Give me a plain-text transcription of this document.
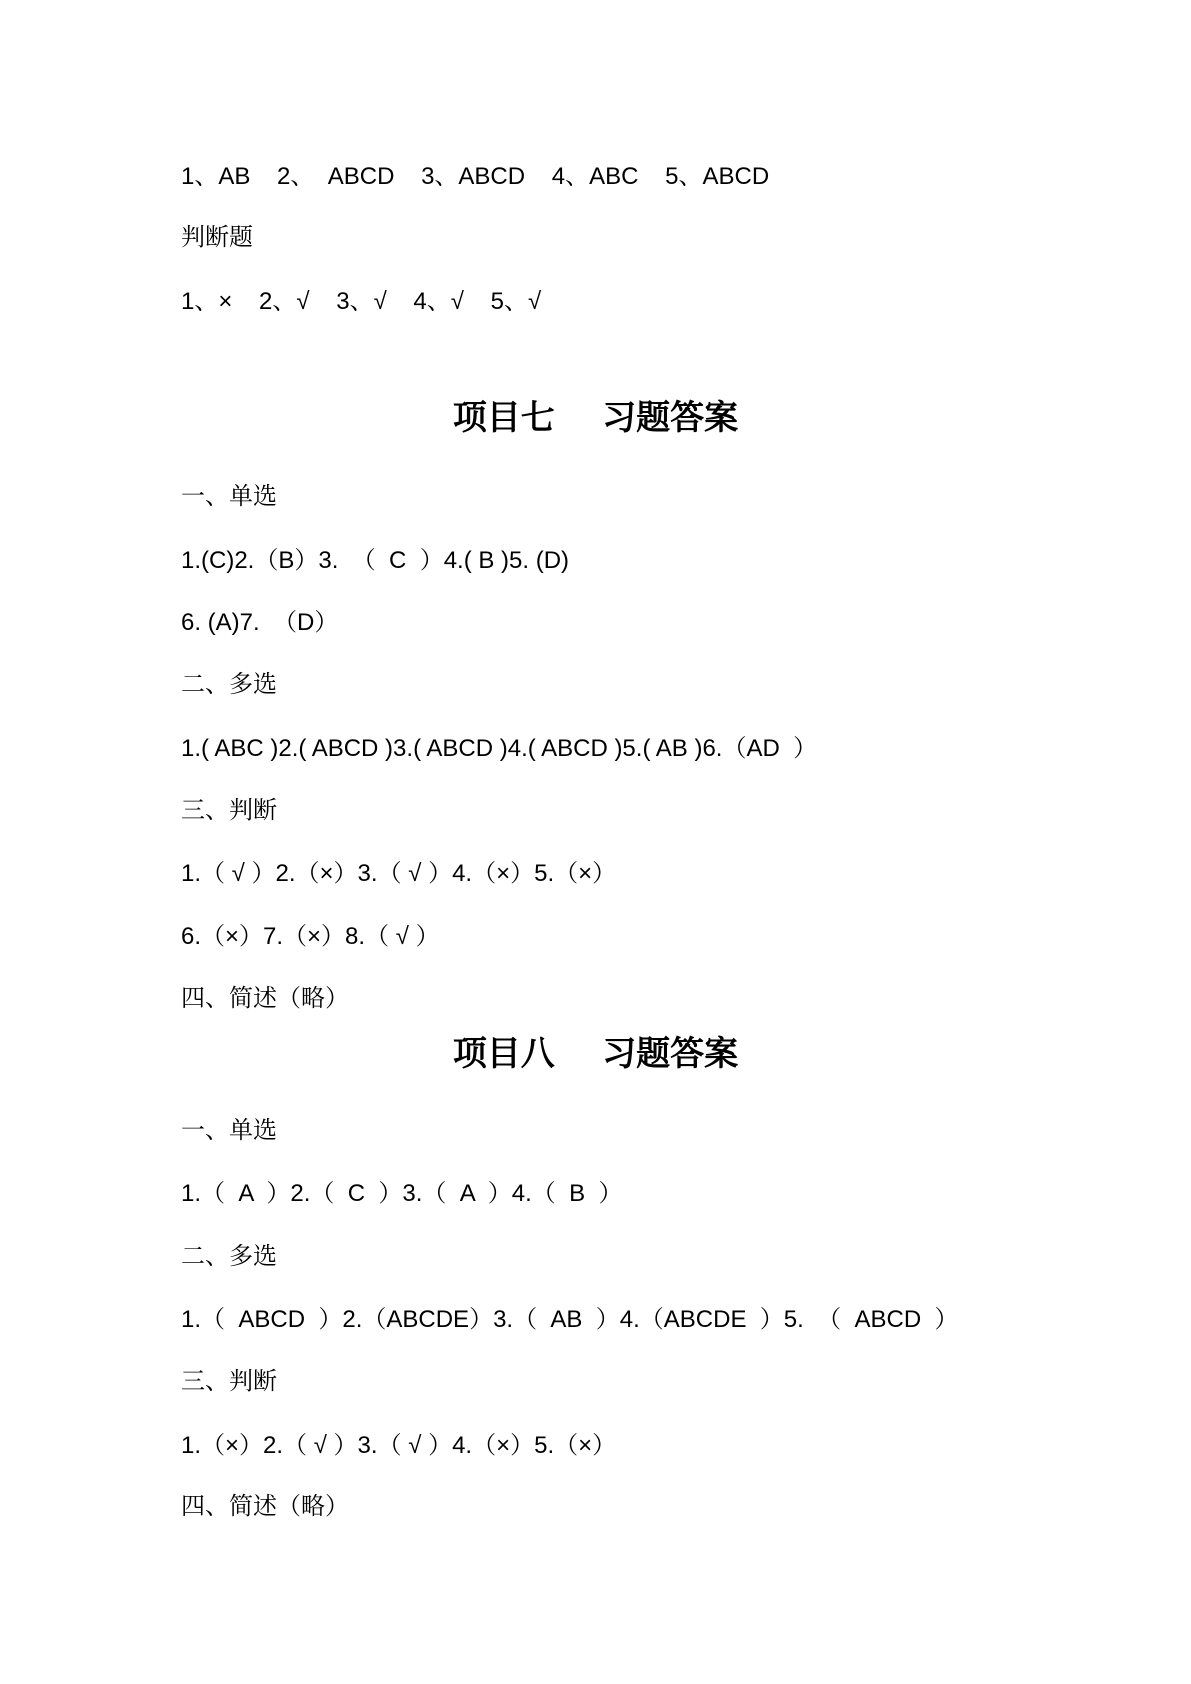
1、AB    2、  ABCD    3、ABCD    4、ABC    5、ABCD
判断题
1、×    2、√    3、√    4、√    5、√
项目七    习题答案
一、单选
1.(C)2.（B）3.  （  C  ）4.( B )5. (D)
6. (A)7.  （D）
二、多选
1.( ABC )2.( ABCD )3.( ABCD )4.( ABCD )5.( AB )6.（AD  ）
三、判断
1.（ √ ）2.（×）3.（ √ ）4.（×）5.（×）
6.（×）7.（×）8.（ √ ）
四、简述（略）
项目八    习题答案
一、单选
1.（  A  ）2.（  C  ）3.（  A  ）4.（  B  ）
二、多选
1.（  ABCD  ）2.（ABCDE）3.（  AB  ）4.（ABCDE  ）5.  （  ABCD  ）
三、判断
1.（×）2.（ √ ）3.（ √ ）4.（×）5.（×）
四、简述（略）
